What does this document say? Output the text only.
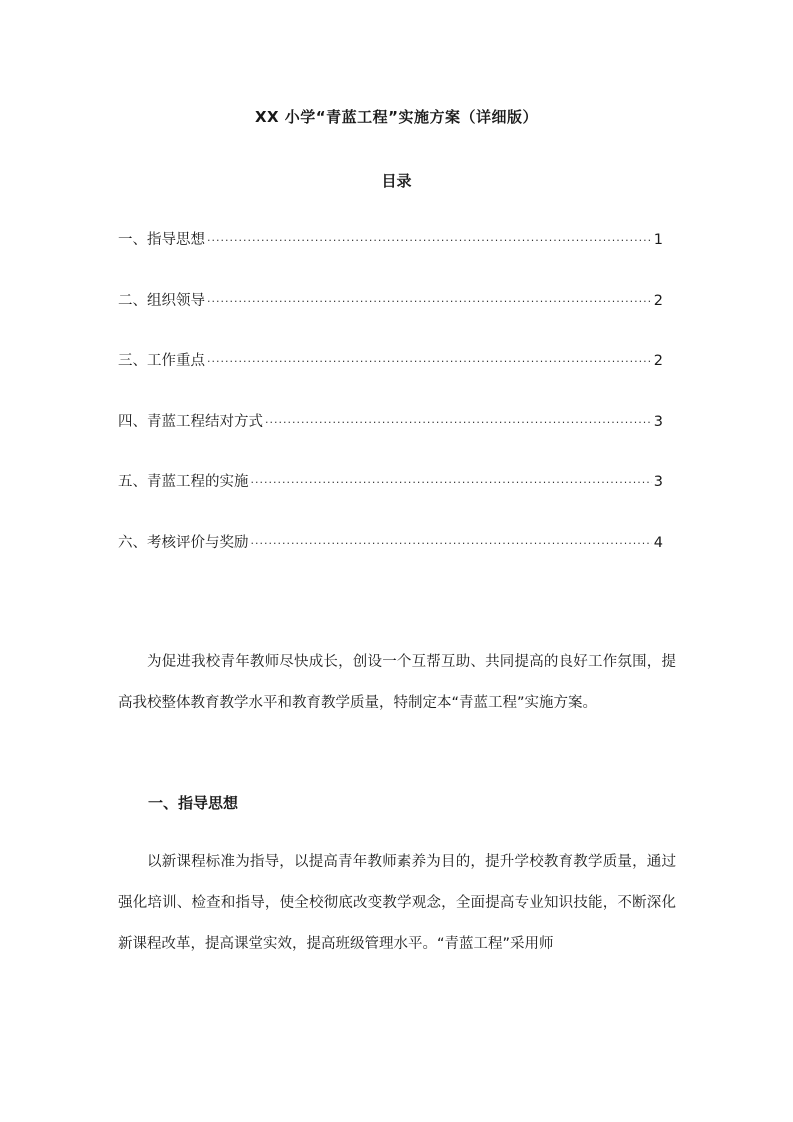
XX 小学“青蓝工程”实施方案（详细版）
目录
一、指导思想 ·····	1
二、组织领导 ·····	2
三、工作重点 ·····	2
四、青蓝工程结对方式 ·····	3
五、青蓝工程的实施 ·····	3
六、考核评价与奖励 ·····	4

为促进我校青年教师尽快成长，创设一个互帮互助、共同提高的良好工作氛围，提高我校整体教育教学水平和教育教学质量，特制定本“青蓝工程”实施方案。

一、指导思想

以新课程标准为指导，以提高青年教师素养为目的，提升学校教育教学质量，通过强化培训、检查和指导，使全校彻底改变教学观念，全面提高专业知识技能，不断深化新课程改革，提高课堂实效，提高班级管理水平。“青蓝工程”采用师
